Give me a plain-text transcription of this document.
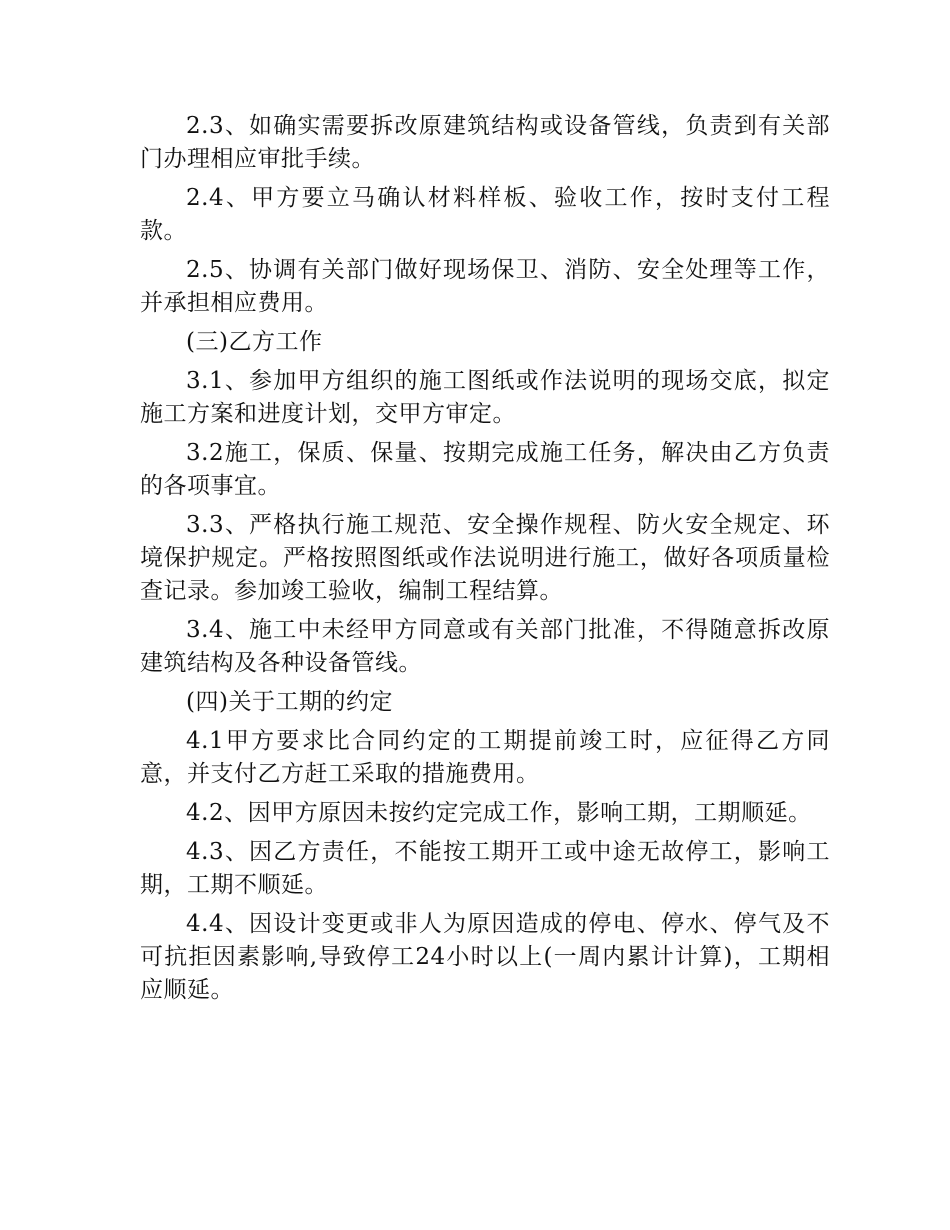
2.3、如确实需要拆改原建筑结构或设备管线，负责到有关部门办理相应审批手续。

2.4、甲方要立马确认材料样板、验收工作，按时支付工程款。

2.5、协调有关部门做好现场保卫、消防、安全处理等工作，并承担相应费用。

(三)乙方工作

3.1、参加甲方组织的施工图纸或作法说明的现场交底，拟定施工方案和进度计划，交甲方审定。

3.2施工，保质、保量、按期完成施工任务，解决由乙方负责的各项事宜。

3.3、严格执行施工规范、安全操作规程、防火安全规定、环境保护规定。严格按照图纸或作法说明进行施工，做好各项质量检查记录。参加竣工验收，编制工程结算。

3.4、施工中未经甲方同意或有关部门批准，不得随意拆改原建筑结构及各种设备管线。

(四)关于工期的约定

4.1甲方要求比合同约定的工期提前竣工时，应征得乙方同意，并支付乙方赶工采取的措施费用。

4.2、因甲方原因未按约定完成工作，影响工期，工期顺延。

4.3、因乙方责任，不能按工期开工或中途无故停工，影响工期，工期不顺延。

4.4、因设计变更或非人为原因造成的停电、停水、停气及不可抗拒因素影响,导致停工24小时以上(一周内累计计算)，工期相应顺延。
